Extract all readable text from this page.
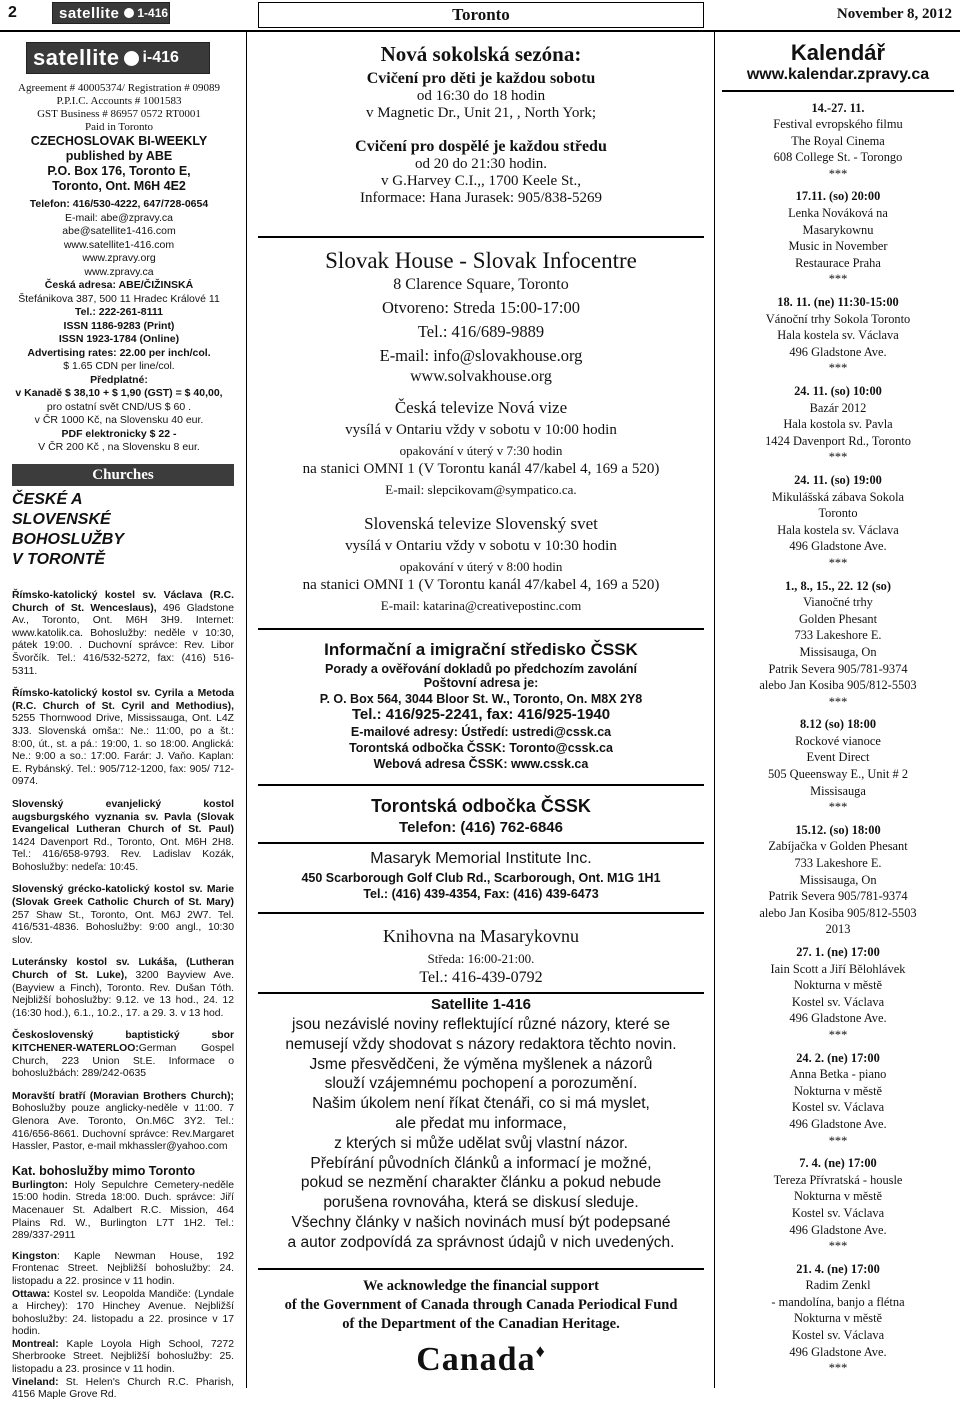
2	satellite 1-416	Toronto	November 8, 2012
satellite i-416
Agreement # 40005374/ Registration # 09089
P.P.I.C. Accounts # 1001583
GST Business # 86957 0572 RT0001
Paid in Toronto
CZECHOSLOVAK BI-WEEKLY
published by ABE
P.O. Box 176, Toronto E,
Toronto, Ont. M6H 4E2
Telefon: 416/530-4222, 647/728-0654
E-mail: abe@zpravy.ca
abe@satellite1-416.com
www.satellite1-416.com
www.zpravy.org
www.zpravy.ca
Česká adresa: ABE/ČIŽINSKÁ
Štefánikova 387, 500 11 Hradec Králové 11
Tel.: 222-261-8111
ISSN 1186-9283 (Print)
ISSN 1923-1784 (Online)
Advertising rates: 22.00 per inch/col.
$ 1.65 CDN per line/col.
Předplatné:
v Kanadě $ 38,10 + $ 1,90 (GST) = $ 40,00,
pro ostatní svět CND/US $ 60 .
v ČR 1000 Kč, na Slovensku 40 eur.
PDF elektronicky $ 22 -
V ČR 200 Kč , na Slovensku 8 eur.
Churches
ČESKÉ A
SLOVENSKÉ
BOHOSLUŽBY
V TORONTĚ
Římsko-katolický kostel sv. Václava (R.C. Church of St. Wenceslaus), 496 Gladstone Av., Toronto, Ont. M6H 3H9. Internet: www.katolik.ca. Bohoslužby: neděle v 10:30, pátek 19:00. . Duchovní správce: Rev. Libor Švorčík. Tel.: 416/532-5272, fax: (416) 516-5311.
Římsko-katolický kostol sv. Cyrila a Metoda (R.C. Church of St. Cyril and Methodius), 5255 Thornwood Drive, Mississauga, Ont. L4Z 3J3. Slovenská omša:: Ne.: 11:00, po a št.: 8:00, út., st. a pá.: 19:00, 1. so 18:00. Anglická: Ne.: 9:00 a so.: 17:00. Farár: J. Vaňo. Kaplan: E. Rybánský. Tel.: 905/712-1200, fax: 905/ 712-0974.
Slovenský evanjelický kostol augsburgského vyznania sv. Pavla (Slovak Evangelical Lutheran Church of St. Paul) 1424 Davenport Rd., Toronto, Ont. M6H 2H8. Tel.: 416/658-9793. Rev. Ladislav Kozák, Bohoslužby: nedeľa: 10:45.
Slovenský grécko-katolický kostol sv. Marie (Slovak Greek Catholic Church of St. Mary) 257 Shaw St., Toronto, Ont. M6J 2W7. Tel. 416/531-4836. Bohoslužby: 9:00 angl., 10:30 slov.
Luteránsky kostol sv. Lukáša, (Lutheran Church of St. Luke), 3200 Bayview Ave. (Bayview a Finch), Toronto. Rev. Dušan Tóth. Nejbližší bohoslužby: 9.12. ve 13 hod., 24. 12 (16:30 hod.), 6.1., 10.2., 17. a 29. 3. v 13 hod.
Československý baptistický sbor KITCHENER-WATERLOO:German Gospel Church, 223 Union St.E. Informace o bohoslužbách: 289/242-0635
Moravští bratří (Moravian Brothers Church); Bohoslužby pouze anglicky-neděle v 11:00. 7 Glenora Ave. Toronto, On.M6C 3Y2. Tel.: 416/656-8661. Duchovní správce: Rev.Margaret Hassler, Pastor, e-mail mkhassler@yahoo.com
Kat. bohoslužby mimo Toronto
Burlington: Holy Sepulchre Cemetery-neděle 15:00 hodin. Streda 18:00. Duch. správce: Jiří Macenauer St. Adalbert R.C. Mission, 464 Plains Rd. W., Burlington L7T 1H2. Tel.: 289/337-2911
Kingston: Kaple Newman House, 192 Frontenac Street. Nejbližší bohoslužby: 24. listopadu a 22. prosince v 11 hodin.
Ottawa: Kostel sv. Leopolda Mandiče: (Lyndale a Hirchey): 170 Hinchey Avenue. Nejbližší bohoslužby: 24. listopadu a 22. prosince v 17 hodin.
Montreal: Kaple Loyola High School, 7272 Sherbrooke Street. Nejbližší bohoslužby: 25. listopadu a 23. prosince v 11 hodin.
Vineland: St. Helen's Church R.C. Pharish, 4156 Maple Grove Rd.
Nová sokolská sezóna:
Cvičení pro děti je každou sobotu
od 16:30 do 18 hodin
v Magnetic Dr., Unit 21, , North York;
Cvičení pro dospělé je každou středu
od 20 do 21:30 hodin.
v G.Harvey C.I.,, 1700 Keele St.,
Informace: Hana Jurasek: 905/838-5269
Slovak House - Slovak Infocentre
8 Clarence Square, Toronto
Otvoreno: Streda 15:00-17:00
Tel.: 416/689-9889
E-mail: info@slovakhouse.org
www.solvakhouse.org
Česká televize Nová vize
vysílá v Ontariu vždy v sobotu v 10:00 hodin
opakování v úterý v 7:30 hodin
na stanici OMNI 1 (V Torontu kanál 47/kabel 4, 169 a 520)
E-mail: slepcikovam@sympatico.ca.
Slovenská televize Slovenský svet
vysílá v Ontariu vždy v sobotu v 10:30 hodin
opakování v úterý v 8:00 hodin
na stanici OMNI 1 (V Torontu kanál 47/kabel 4, 169 a 520)
E-mail: katarina@creativepostinc.com
Informační a imigrační středisko ČSSK
Porady a ověřování dokladů po předchozím zavolání
Poštovní adresa je:
P. O. Box 564, 3044 Bloor St. W., Toronto, On. M8X 2Y8
Tel.: 416/925-2241, fax: 416/925-1940
E-mailové adresy: Ústředí: ustredi@cssk.ca
Torontská odbočka ČSSK: Toronto@cssk.ca
Webová adresa ČSSK: www.cssk.ca
Torontská odbočka ČSSK
Telefon: (416) 762-6846
Masaryk Memorial Institute Inc.
450 Scarborough Golf Club Rd., Scarborough, Ont. M1G 1H1
Tel.: (416) 439-4354, Fax: (416) 439-6473
Knihovna na Masarykovnu
Středa: 16:00-21:00.
Tel.: 416-439-0792
Satellite 1-416
jsou nezávislé noviny reflektující různé názory, které se
nemusejí vždy shodovat s názory redaktora těchto novin.
Jsme přesvědčeni, že výměna myšlenek a názorů
slouží vzájemnému pochopení a porozumění.
Našim úkolem není říkat čtenáři, co si má myslet,
ale předat mu informace,
z kterých si může udělat svůj vlastní názor.
Přebírání původních článků a informací je možné,
pokud se nezmění charakter článku a pokud nebude
porušena rovnováha, která se diskusí sleduje.
Všechny články v našich novinách musí být podepsané
a autor zodpovídá za správnost údajů v nich uvedených.
We acknowledge the financial support
of the Government of Canada through Canada Periodical Fund
of the Department of the Canadian Heritage.
Canada♦
Kalendář
www.kalendar.zpravy.ca
14.-27. 11.
Festival evropského filmu
The Royal Cinema
608 College St. - Torongo
***
17.11. (so) 20:00
Lenka Nováková na
Masarykownu
Music in November
Restaurace Praha
***
18. 11. (ne) 11:30-15:00
Vánoční trhy Sokola Toronto
Hala kostela sv. Václava
496 Gladstone Ave.
***
24. 11. (so) 10:00
Bazár 2012
Hala kostola sv. Pavla
1424 Davenport Rd., Toronto
***
24. 11. (so) 19:00
Mikulášská zábava Sokola
Toronto
Hala kostela sv. Václava
496 Gladstone Ave.
***
1., 8., 15., 22. 12 (so)
Vianočné trhy
Golden Phesant
733 Lakeshore E.
Missisauga, On
Patrik Severa 905/781-9374
alebo Jan Kosiba 905/812-5503
***
8.12 (so) 18:00
Rockové vianoce
Event Direct
505 Queensway E., Unit # 2
Missisauga
***
15.12. (so) 18:00
Zabíjačka v Golden Phesant
733 Lakeshore E.
Missisauga, On
Patrik Severa 905/781-9374
alebo Jan Kosiba 905/812-5503
2013
27. 1. (ne) 17:00
Iain Scott a Jiří Bělohlávek
Nokturna v městě
Kostel sv. Václava
496 Gladstone Ave.
***
24. 2. (ne) 17:00
Anna Betka - piano
Nokturna v městě
Kostel sv. Václava
496 Gladstone Ave.
***
7. 4. (ne) 17:00
Tereza Přívratská - housle
Nokturna v městě
Kostel sv. Václava
496 Gladstone Ave.
***
21. 4. (ne) 17:00
Radim Zenkl
- mandolína, banjo a flétna
Nokturna v městě
Kostel sv. Václava
496 Gladstone Ave.
***
